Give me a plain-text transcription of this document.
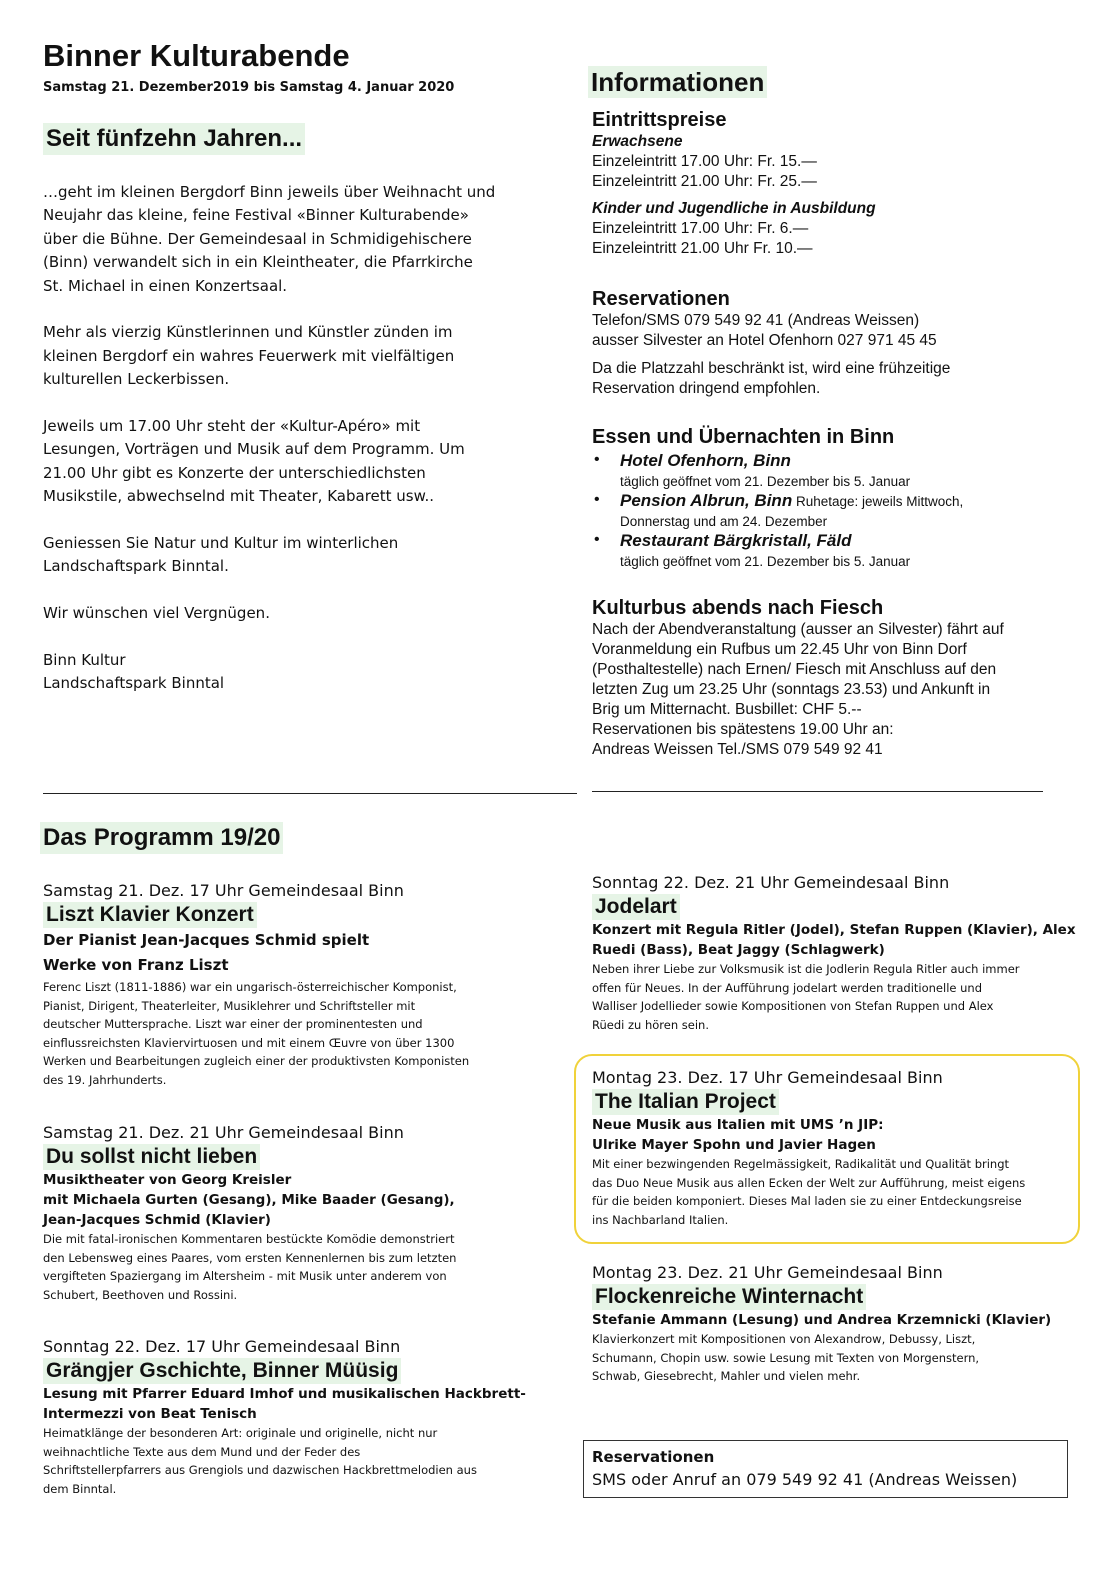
Binner Kulturabende
Samstag 21. Dezember2019 bis Samstag 4. Januar 2020
Seit fünfzehn Jahren...

…geht im kleinen Bergdorf Binn jeweils über Weihnacht und

Neujahr das kleine, feine Festival «Binner Kulturabende»

über die Bühne. Der Gemeindesaal in Schmidigehischere

(Binn) verwandelt sich in ein Kleintheater, die Pfarrkirche

St. Michael in einen Konzertsaal.

Mehr als vierzig Künstlerinnen und Künstler zünden im

kleinen Bergdorf ein wahres Feuerwerk mit vielfältigen

kulturellen Leckerbissen.

Jeweils um 17.00 Uhr steht der «Kultur-Apéro» mit

Lesungen, Vorträgen und Musik auf dem Programm. Um

21.00 Uhr gibt es Konzerte der unterschiedlichsten

Musikstile, abwechselnd mit Theater, Kabarett usw..

Geniessen Sie Natur und Kultur im winterlichen

Landschaftspark Binntal.

Wir wünschen viel Vergnügen.

Binn Kultur

Landschaftspark Binntal

Informationen
Eintrittspreise

Erwachsene

Einzeleintritt 17.00 Uhr: Fr. 15.—

Einzeleintritt 21.00 Uhr: Fr. 25.—

Kinder und Jugendliche in Ausbildung

Einzeleintritt 17.00 Uhr: Fr. 6.—

Einzeleintritt 21.00 Uhr Fr. 10.—

Reservationen

Telefon/SMS 079 549 92 41 (Andreas Weissen)

ausser Silvester an Hotel Ofenhorn 027 971 45 45

Da die Platzzahl beschränkt ist, wird eine frühzeitige

Reservation dringend empfohlen.

Essen und Übernachten in Binn
• Hotel Ofenhorn, Binn
täglich geöffnet vom 21. Dezember bis 5. Januar
• Pension Albrun, Binn Ruhetage: jeweils Mittwoch,
Donnerstag und am 24. Dezember
• Restaurant Bärgkristall, Fäld
täglich geöffnet vom 21. Dezember bis 5. Januar
Kulturbus abends nach Fiesch

Nach der Abendveranstaltung (ausser an Silvester) fährt auf

Voranmeldung ein Rufbus um 22.45 Uhr von Binn Dorf

(Posthaltestelle) nach Ernen/ Fiesch mit Anschluss auf den

letzten Zug um 23.25 Uhr (sonntags 23.53) und Ankunft in

Brig um Mitternacht. Busbillet: CHF 5.--

Reservationen bis spätestens 19.00 Uhr an:

Andreas Weissen Tel./SMS 079 549 92 41

Das Programm 19/20
Samstag 21. Dez. 17 Uhr Gemeindesaal Binn
Liszt Klavier Konzert
Der Pianist Jean-Jacques Schmid spielt
Werke von Franz Liszt

Ferenc Liszt (1811-1886) war ein ungarisch-österreichischer Komponist,

Pianist, Dirigent, Theaterleiter, Musiklehrer und Schriftsteller mit

deutscher Muttersprache. Liszt war einer der prominentesten und

einflussreichsten Klaviervirtuosen und mit einem Œuvre von über 1300

Werken und Bearbeitungen zugleich einer der produktivsten Komponisten

des 19. Jahrhunderts.

Samstag 21. Dez. 21 Uhr Gemeindesaal Binn
Du sollst nicht lieben
Musiktheater von Georg Kreisler
mit Michaela Gurten (Gesang), Mike Baader (Gesang),
Jean-Jacques Schmid (Klavier)

Die mit fatal-ironischen Kommentaren bestückte Komödie demonstriert

den Lebensweg eines Paares, vom ersten Kennenlernen bis zum letzten

vergifteten Spaziergang im Altersheim - mit Musik unter anderem von

Schubert, Beethoven und Rossini.

Sonntag 22. Dez. 17 Uhr Gemeindesaal Binn
Grängjer Gschichte, Binner Müüsig
Lesung mit Pfarrer Eduard Imhof und musikalischen Hackbrett-
Intermezzi von Beat Tenisch

Heimatklänge der besonderen Art: originale und originelle, nicht nur

weihnachtliche Texte aus dem Mund und der Feder des

Schriftstellerpfarrers aus Grengiols und dazwischen Hackbrettmelodien aus

dem Binntal.

Sonntag 22. Dez. 21 Uhr Gemeindesaal Binn
Jodelart
Konzert mit Regula Ritler (Jodel), Stefan Ruppen (Klavier), Alex
Ruedi (Bass), Beat Jaggy (Schlagwerk)

Neben ihrer Liebe zur Volksmusik ist die Jodlerin Regula Ritler auch immer

offen für Neues. In der Aufführung jodelart werden traditionelle und

Walliser Jodellieder sowie Kompositionen von Stefan Ruppen und Alex

Rüedi zu hören sein.

Montag 23. Dez. 17 Uhr Gemeindesaal Binn
The Italian Project
Neue Musik aus Italien mit UMS ’n JIP:
Ulrike Mayer Spohn und Javier Hagen

Mit einer bezwingenden Regelmässigkeit, Radikalität und Qualität bringt

das Duo Neue Musik aus allen Ecken der Welt zur Aufführung, meist eigens

für die beiden komponiert. Dieses Mal laden sie zu einer Entdeckungsreise

ins Nachbarland Italien.

Montag 23. Dez. 21 Uhr Gemeindesaal Binn
Flockenreiche Winternacht
Stefanie Ammann (Lesung) und Andrea Krzemnicki (Klavier)

Klavierkonzert mit Kompositionen von Alexandrow, Debussy, Liszt,

Schumann, Chopin usw. sowie Lesung mit Texten von Morgenstern,

Schwab, Giesebrecht, Mahler und vielen mehr.

Reservationen
SMS oder Anruf an 079 549 92 41 (Andreas Weissen)
